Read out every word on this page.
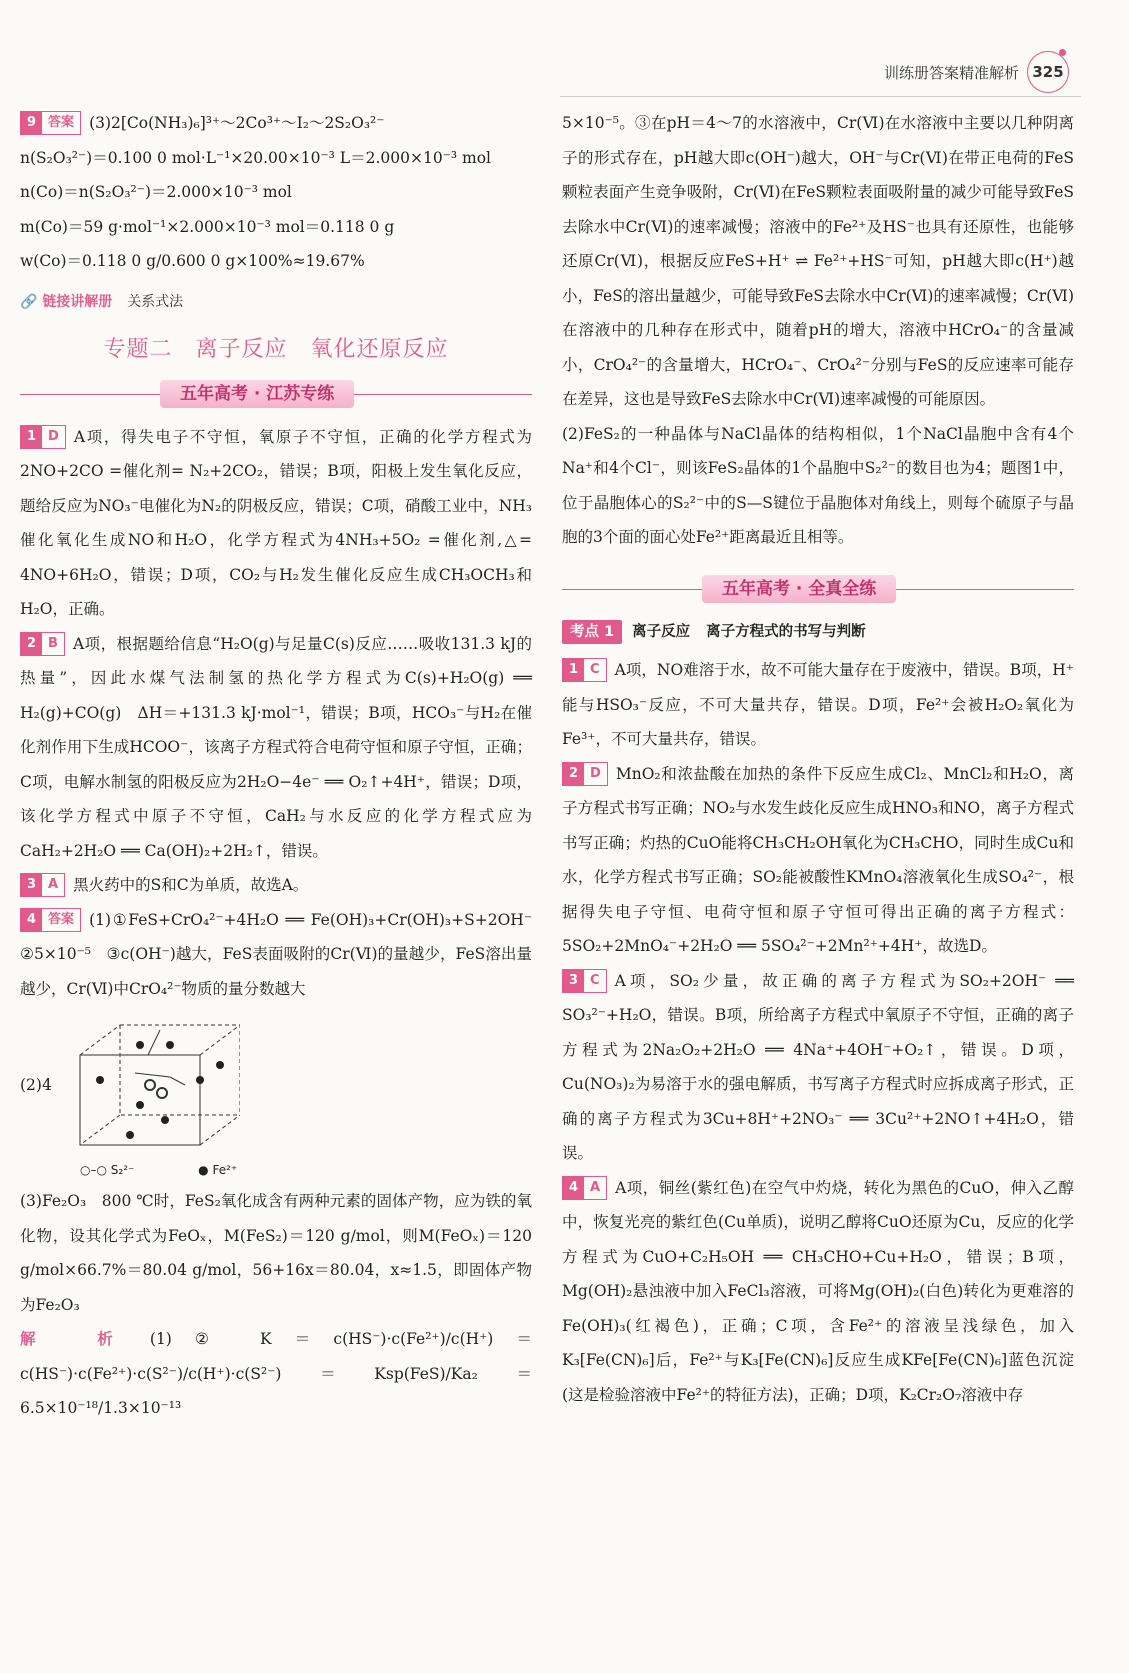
训练册答案精准解析 325

9 答案 (3)2[Co(NH₃)₆]³⁺～2Co³⁺～I₂～2S₂O₃²⁻

n(S₂O₃²⁻)＝0.100 0 mol·L⁻¹×20.00×10⁻³ L＝2.000×10⁻³ mol

n(Co)＝n(S₂O₃²⁻)＝2.000×10⁻³ mol

m(Co)＝59 g·mol⁻¹×2.000×10⁻³ mol＝0.118 0 g

w(Co)＝0.118 0 g/0.600 0 g×100%≈19.67%

🔗 链接讲解册 关系式法
专题二　离子反应　氧化还原反应
五年高考 · 江苏专练

1 D A项，得失电子不守恒，氧原子不守恒，正确的化学方程式为2NO+2CO =催化剂= N₂+2CO₂，错误；B项，阳极上发生氧化反应，题给反应为NO₃⁻电催化为N₂的阴极反应，错误；C项，硝酸工业中，NH₃催化氧化生成NO和H₂O，化学方程式为4NH₃+5O₂ =催化剂,△= 4NO+6H₂O，错误；D项，CO₂与H₂发生催化反应生成CH₃OCH₃和H₂O，正确。

2 B A项，根据题给信息“H₂O(g)与足量C(s)反应……吸收131.3 kJ的热量”，因此水煤气法制氢的热化学方程式为C(s)+H₂O(g) ══ H₂(g)+CO(g)　ΔH＝+131.3 kJ·mol⁻¹，错误；B项，HCO₃⁻与H₂在催化剂作用下生成HCOO⁻，该离子方程式符合电荷守恒和原子守恒，正确；C项，电解水制氢的阳极反应为2H₂O−4e⁻ ══ O₂↑+4H⁺，错误；D项，该化学方程式中原子不守恒，CaH₂与水反应的化学方程式应为CaH₂+2H₂O ══ Ca(OH)₂+2H₂↑，错误。

3 A 黑火药中的S和C为单质，故选A。

4 答案 (1)①FeS+CrO₄²⁻+4H₂O ══ Fe(OH)₃+Cr(OH)₃+S+2OH⁻　②5×10⁻⁵　③c(OH⁻)越大，FeS表面吸附的Cr(Ⅵ)的量越少，FeS溶出量越少，Cr(Ⅵ)中CrO₄²⁻物质的量分数越大

(2)4
○–○ S₂²⁻	● Fe²⁺

(3)Fe₂O₃　800 ℃时，FeS₂氧化成含有两种元素的固体产物，应为铁的氧化物，设其化学式为FeOₓ，M(FeS₂)＝120 g/mol，则M(FeOₓ)＝120 g/mol×66.7%＝80.04 g/mol，56+16x＝80.04，x≈1.5，即固体产物为Fe₂O₃

解　析 (1)② K＝c(HS⁻)·c(Fe²⁺)/c(H⁺)＝c(HS⁻)·c(Fe²⁺)·c(S²⁻)/c(H⁺)·c(S²⁻)＝Ksp(FeS)/Ka₂＝6.5×10⁻¹⁸/1.3×10⁻¹³

5×10⁻⁵。③在pH＝4～7的水溶液中，Cr(Ⅵ)在水溶液中主要以几种阴离子的形式存在，pH越大即c(OH⁻)越大，OH⁻与Cr(Ⅵ)在带正电荷的FeS颗粒表面产生竞争吸附，Cr(Ⅵ)在FeS颗粒表面吸附量的减少可能导致FeS去除水中Cr(Ⅵ)的速率减慢；溶液中的Fe²⁺及HS⁻也具有还原性，也能够还原Cr(Ⅵ)，根据反应FeS+H⁺ ⇌ Fe²⁺+HS⁻可知，pH越大即c(H⁺)越小，FeS的溶出量越少，可能导致FeS去除水中Cr(Ⅵ)的速率减慢；Cr(Ⅵ)在溶液中的几种存在形式中，随着pH的增大，溶液中HCrO₄⁻的含量减小，CrO₄²⁻的含量增大，HCrO₄⁻、CrO₄²⁻分别与FeS的反应速率可能存在差异，这也是导致FeS去除水中Cr(Ⅵ)速率减慢的可能原因。

(2)FeS₂的一种晶体与NaCl晶体的结构相似，1个NaCl晶胞中含有4个Na⁺和4个Cl⁻，则该FeS₂晶体的1个晶胞中S₂²⁻的数目也为4；题图1中，位于晶胞体心的S₂²⁻中的S—S键位于晶胞体对角线上，则每个硫原子与晶胞的3个面的面心处Fe²⁺距离最近且相等。

五年高考 · 全真全练
考点 1	离子反应 离子方程式的书写与判断

1 C A项，NO难溶于水，故不可能大量存在于废液中，错误。B项，H⁺能与HSO₃⁻反应，不可大量共存，错误。D项，Fe²⁺会被H₂O₂氧化为Fe³⁺，不可大量共存，错误。

2 D MnO₂和浓盐酸在加热的条件下反应生成Cl₂、MnCl₂和H₂O，离子方程式书写正确；NO₂与水发生歧化反应生成HNO₃和NO，离子方程式书写正确；灼热的CuO能将CH₃CH₂OH氧化为CH₃CHO，同时生成Cu和水，化学方程式书写正确；SO₂能被酸性KMnO₄溶液氧化生成SO₄²⁻，根据得失电子守恒、电荷守恒和原子守恒可得出正确的离子方程式：5SO₂+2MnO₄⁻+2H₂O ══ 5SO₄²⁻+2Mn²⁺+4H⁺，故选D。

3 C A项，SO₂少量，故正确的离子方程式为SO₂+2OH⁻ ══ SO₃²⁻+H₂O，错误。B项，所给离子方程式中氧原子不守恒，正确的离子方程式为2Na₂O₂+2H₂O ══ 4Na⁺+4OH⁻+O₂↑，错误。D项，Cu(NO₃)₂为易溶于水的强电解质，书写离子方程式时应拆成离子形式，正确的离子方程式为3Cu+8H⁺+2NO₃⁻ ══ 3Cu²⁺+2NO↑+4H₂O，错误。

4 A A项，铜丝(紫红色)在空气中灼烧，转化为黑色的CuO，伸入乙醇中，恢复光亮的紫红色(Cu单质)，说明乙醇将CuO还原为Cu，反应的化学方程式为CuO+C₂H₅OH ══ CH₃CHO+Cu+H₂O，错误；B项，Mg(OH)₂悬浊液中加入FeCl₃溶液，可将Mg(OH)₂(白色)转化为更难溶的Fe(OH)₃(红褐色)，正确；C项，含Fe²⁺的溶液呈浅绿色，加入K₃[Fe(CN)₆]后，Fe²⁺与K₃[Fe(CN)₆]反应生成KFe[Fe(CN)₆]蓝色沉淀(这是检验溶液中Fe²⁺的特征方法)，正确；D项，K₂Cr₂O₇溶液中存
